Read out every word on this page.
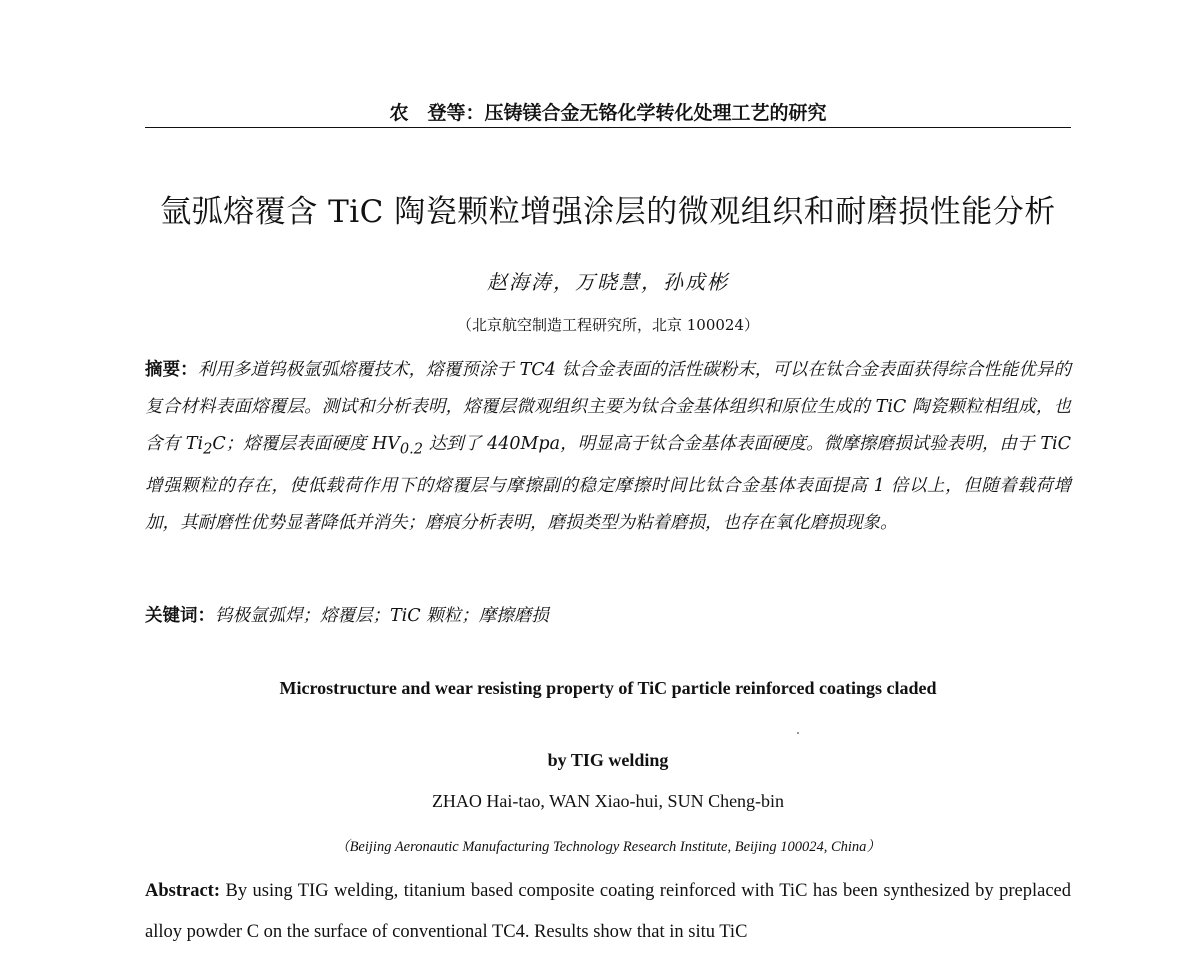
农　登等：压铸镁合金无铬化学转化处理工艺的研究
氩弧熔覆含 TiC 陶瓷颗粒增强涂层的微观组织和耐磨损性能分析
赵海涛，万晓慧，孙成彬
（北京航空制造工程研究所，北京 100024）
摘要：利用多道钨极氩弧熔覆技术，熔覆预涂于 TC4 钛合金表面的活性碳粉末，可以在钛合金表面获得综合性能优异的复合材料表面熔覆层。测试和分析表明，熔覆层微观组织主要为钛合金基体组织和原位生成的 TiC 陶瓷颗粒相组成，也含有 $Ti_2C$；熔覆层表面硬度 $HV_{0.2}$ 达到了 440Mpa，明显高于钛合金基体表面硬度。微摩擦磨损试验表明，由于 TiC 增强颗粒的存在，使低载荷作用下的熔覆层与摩擦副的稳定摩擦时间比钛合金基体表面提高 1 倍以上，但随着载荷增加，其耐磨性优势显著降低并消失；磨痕分析表明，磨损类型为粘着磨损，也存在氧化磨损现象。
关键词：钨极氩弧焊；熔覆层；TiC 颗粒；摩擦磨损
Microstructure and wear resisting property of TiC particle reinforced coatings claded
by TIG welding
ZHAO Hai-tao, WAN Xiao-hui, SUN Cheng-bin
（Beijing Aeronautic Manufacturing Technology Research Institute, Beijing 100024, China）
Abstract: By using TIG welding, titanium based composite coating reinforced with TiC has been synthesized by preplaced alloy powder C on the surface of conventional TC4. Results show that in situ TiC
